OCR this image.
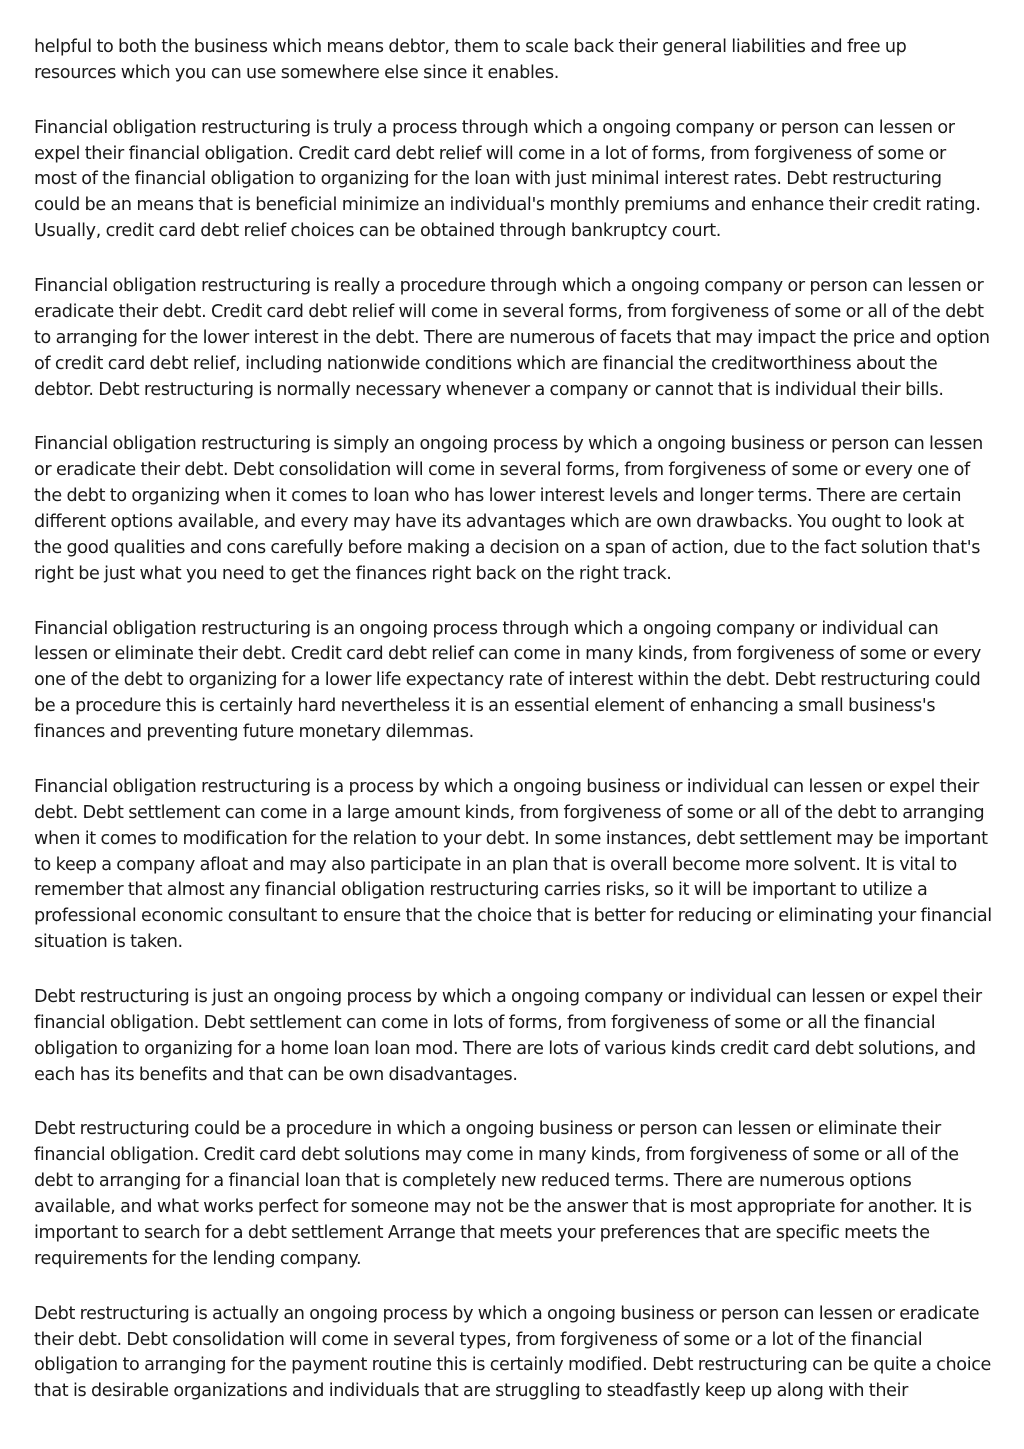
helpful to both the business which means debtor, them to scale back their general liabilities and free up resources which you can use somewhere else since it enables.

Financial obligation restructuring is truly a process through which a ongoing company or person can lessen or expel their financial obligation. Credit card debt relief will come in a lot of forms, from forgiveness of some or most of the financial obligation to organizing for the loan with just minimal interest rates. Debt restructuring could be an means that is beneficial minimize an individual's monthly premiums and enhance their credit rating. Usually, credit card debt relief choices can be obtained through bankruptcy court.

Financial obligation restructuring is really a procedure through which a ongoing company or person can lessen or eradicate their debt. Credit card debt relief will come in several forms, from forgiveness of some or all of the debt to arranging for the lower interest in the debt. There are numerous of facets that may impact the price and option of credit card debt relief, including nationwide conditions which are financial the creditworthiness about the debtor. Debt restructuring is normally necessary whenever a company or cannot that is individual their bills.

Financial obligation restructuring is simply an ongoing process by which a ongoing business or person can lessen or eradicate their debt. Debt consolidation will come in several forms, from forgiveness of some or every one of the debt to organizing when it comes to loan who has lower interest levels and longer terms. There are certain different options available, and every may have its advantages which are own drawbacks. You ought to look at the good qualities and cons carefully before making a decision on a span of action, due to the fact solution that's right be just what you need to get the finances right back on the right track.

Financial obligation restructuring is an ongoing process through which a ongoing company or individual can lessen or eliminate their debt. Credit card debt relief can come in many kinds, from forgiveness of some or every one of the debt to organizing for a lower life expectancy rate of interest within the debt. Debt restructuring could be a procedure this is certainly hard nevertheless it is an essential element of enhancing a small business's finances and preventing future monetary dilemmas.

Financial obligation restructuring is a process by which a ongoing business or individual can lessen or expel their debt. Debt settlement can come in a large amount kinds, from forgiveness of some or all of the debt to arranging when it comes to modification for the relation to your debt. In some instances, debt settlement may be important to keep a company afloat and may also participate in an plan that is overall become more solvent. It is vital to remember that almost any financial obligation restructuring carries risks, so it will be important to utilize a professional economic consultant to ensure that the choice that is better for reducing or eliminating your financial situation is taken.

Debt restructuring is just an ongoing process by which a ongoing company or individual can lessen or expel their financial obligation. Debt settlement can come in lots of forms, from forgiveness of some or all the financial obligation to organizing for a home loan loan mod. There are lots of various kinds credit card debt solutions, and each has its benefits and that can be own disadvantages.

Debt restructuring could be a procedure in which a ongoing business or person can lessen or eliminate their financial obligation. Credit card debt solutions may come in many kinds, from forgiveness of some or all of the debt to arranging for a financial loan that is completely new reduced terms. There are numerous options available, and what works perfect for someone may not be the answer that is most appropriate for another. It is important to search for a debt settlement Arrange that meets your preferences that are specific meets the requirements for the lending company.

Debt restructuring is actually an ongoing process by which a ongoing business or person can lessen or eradicate their debt. Debt consolidation will come in several types, from forgiveness of some or a lot of the financial obligation to arranging for the payment routine this is certainly modified. Debt restructuring can be quite a choice that is desirable organizations and individuals that are struggling to steadfastly keep up along with their
